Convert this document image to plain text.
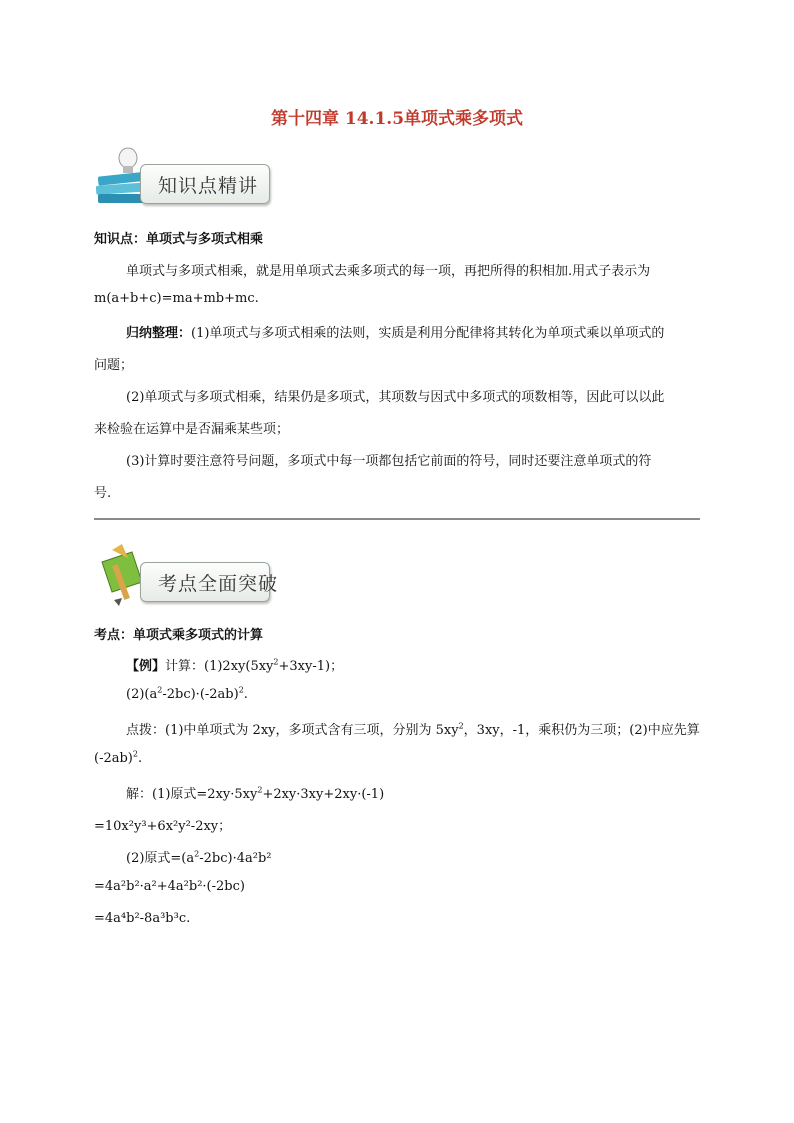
第十四章 14.1.5单项式乘多项式
知识点精讲
知识点：单项式与多项式相乘
单项式与多项式相乘，就是用单项式去乘多项式的每一项，再把所得的积相加.用式子表示为
m(a+b+c)=ma+mb+mc.
归纳整理：(1)单项式与多项式相乘的法则，实质是利用分配律将其转化为单项式乘以单项式的
问题；
(2)单项式与多项式相乘，结果仍是多项式，其项数与因式中多项式的项数相等，因此可以以此
来检验在运算中是否漏乘某些项；
(3)计算时要注意符号问题，多项式中每一项都包括它前面的符号，同时还要注意单项式的符
号.
考点全面突破
考点：单项式乘多项式的计算
【例】计算：$(1)2xy(5xy^2+3xy-1)$；
$(2)(a^2-2bc)\cdot(-2ab)^2$.
点拨：(1)中单项式为 2xy，多项式含有三项，分别为 $5xy^2$，3xy，-1，乘积仍为三项；(2)中应先算
$(-2ab)^2$.
解：(1)原式$=2xy\cdot 5xy^2+2xy\cdot 3xy+2xy\cdot(-1)$
=10x²y³+6x²y²-2xy；
(2)原式$=(a^2-2bc)\cdot 4a^2b^2$
=4a²b²·a²+4a²b²·(-2bc)
=4a⁴b²-8a³b³c.
